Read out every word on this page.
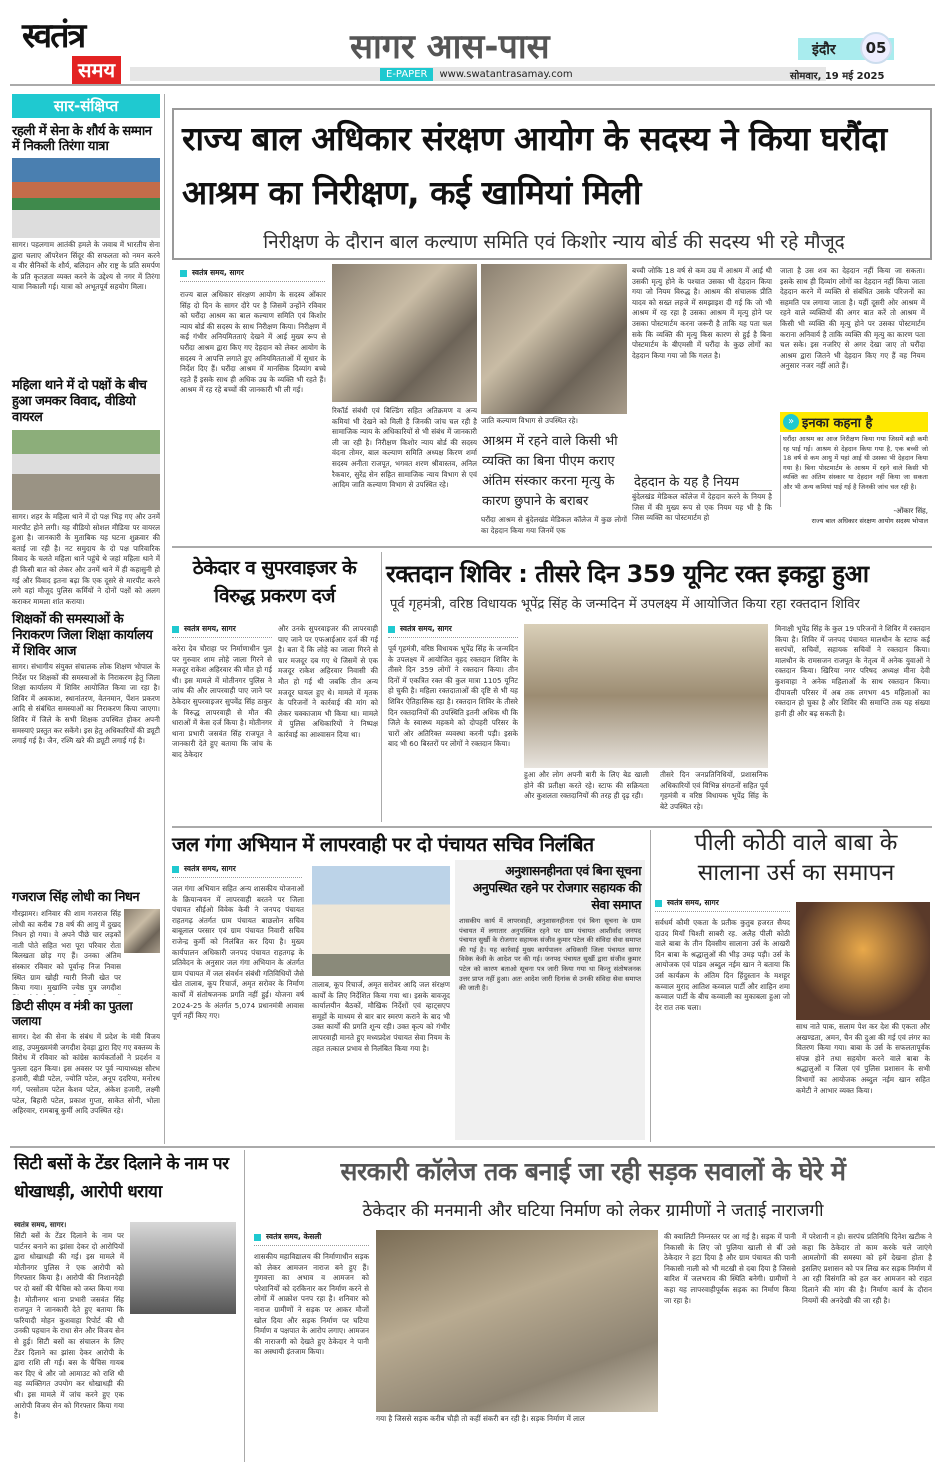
स्वतंत्र
समय
सागर आस-पास
E-PAPER	www.swatantrasamay.com
इंदौर	05
सोमवार, 19 मई 2025
सार-संक्षिप्त
रहली में सेना के शौर्य के सम्मान में निकली तिरंगा यात्रा
सागर। पहलगाम आतंकी हमले के जवाब में भारतीय सेना द्वारा चलाए ऑपरेशन सिंदूर की सफलता को नमन करने व वीर सैनिकों के शौर्य, बलिदान और राष्ट्र के प्रति समर्पण के प्रति कृतज्ञता व्यक्त करने के उद्देश्य से नगर में तिरंगा यात्रा निकाली गई। यात्रा को अभूतपूर्व सहयोग मिला।
महिला थाने में दो पक्षों के बीच हुआ जमकर विवाद, वीडियो वायरल
सागर। शहर के महिला थाने में दो पक्ष भिड़ गए और उनमें मारपीट होने लगी। यह वीडियो सोशल मीडिया पर वायरल हुआ है। जानकारी के मुताबिक यह घटना शुक्रवार की बताई जा रही है। नट समुदाय के दो पक्ष पारिवारिक विवाद के चलते महिला थाने पहुंचे थे जहां महिला थाने में ही किसी बात को लेकर और उनमें थाने में ही कहासुनी हो गई और विवाद इतना बढ़ा कि एक दूसरे से मारपीट करने लगे वहां मौजूद पुलिस कर्मियों ने दोनों पक्षों को अलग कराकर मामला शांत कराया।
शिक्षकों की समस्याओं के निराकरण जिला शिक्षा कार्यालय में शिविर आज
सागर। संभागीय संयुक्त संचालक लोक शिक्षण भोपाल के निर्देश पर शिक्षकों की समस्याओं के निराकरण हेतु जिला शिक्षा कार्यालय में शिविर आयोजित किया जा रहा है। शिविर में अवकाश, स्थानांतरण, वेतनमान, पेंशन प्रकरण आदि से संबंधित समस्याओं का निराकरण किया जाएगा। शिविर में जिले के सभी शिक्षक उपस्थित होकर अपनी समस्याएं प्रस्तुत कर सकेंगे। इस हेतु अधिकारियों की ड्यूटी लगाई गई है। जैन, रश्मि खरे की ड्यूटी लगाई गई है।
गजराज सिंह लोधी का निधन
गौरझामर। शनिवार की शाम गजराज सिंह लोधी का करीब 78 वर्ष की आयु में दुखद निधन हो गया। वे अपने पीछे चार लड़कों नाती पोते सहित भरा पूरा परिवार रोता बिलखता छोड़ गए हैं। उनका अंतिम संस्कार रविवार को पूर्वान्ह निज निवास स्थित ग्राम खोही ग्यारी निजी खेत पर किया गया। मुखाग्नि ज्येष्ठ पुत्र जगदीश
डिप्टी सीएम व मंत्री का पुतला जलाया
सागर। देश की सेना के संबंध में प्रदेश के मंत्री विजय शाह, उपमुख्यमंत्री जगदीश देवड़ा द्वारा दिए गए वक्तव्य के विरोध में रविवार को कांग्रेस कार्यकर्ताओं ने प्रदर्शन व पुतला दहन किया। इस अवसर पर पूर्व न्यायाध्यक्ष सौरभ हजारी, बीडी पटेल, ज्योति पटेल, अनूप ददरिया, मनोरथ गर्ग, परसोतम पटेल केशव पटेल, अंकेश हजारी, लक्ष्मी पटेल, बिहारी पटेल, प्रकाश गुप्ता, साकेत सोनी, भोला अहिरवार, रामबाबू कुर्मी आदि उपस्थित रहे।
राज्य बाल अधिकार संरक्षण आयोग के सदस्य ने किया घरौंदा आश्रम का निरीक्षण, कई खामियां मिली
निरीक्षण के दौरान बाल कल्याण समिति एवं किशोर न्याय बोर्ड की सदस्य भी रहे मौजूद
स्वतंत्र समय, सागर
राज्य बाल अधिकार संरक्षण आयोग के सदस्य ओंकार सिंह दो दिन के सागर दौरे पर है जिसमें उन्होंने रविवार को घरौंदा आश्रम का बाल कल्याण समिति एवं किशोर न्याय बोर्ड की सदस्य के साथ निरीक्षण किया। निरीक्षण में कई गंभीर अनियमितताएं देखने में आई मुख्य रूप से घरौंदा आश्रम द्वारा किए गए देहदान को लेकर आयोग के सदस्य ने आपत्ति लगाते हुए अनियमितताओं में सुधार के निर्देश दिए हैं। घरौंदा आश्रम में मानसिक दिव्यांग बच्चे रहते हैं इसके साथ ही अधिक उम्र के व्यक्ति भी रहते हैं। आश्रम में रह रहे बच्चों की जानकारी भी ली गई।
रिकॉर्ड संबंधी एवं बिल्डिंग सहित अतिक्रमण व अन्य कमियां भी देखने को मिली है जिनकी जांच चल रही है सामाजिक न्याय के अधिकारियों से भी संबंध में जानकारी ली जा रही है। निरीक्षण किशोर न्याय बोर्ड की सदस्य वंदना तोमर, बाल कल्याण समिति अध्यक्ष किरण शर्मा सदस्य अनीता राजपूत, भगवत शरण श्रीवास्तव, अनिल रैकवार, सुरेंद्र सेन सहित सामाजिक न्याय विभाग से एवं आदिम जाति कल्याण विभाग से उपस्थित रहे।
जाति कल्याण विभाग से उपस्थित रहे।
आश्रम में रहने वाले किसी भी व्यक्ति का बिना पीएम कराए अंतिम संस्कार करना मृत्यु के कारण छुपाने के बराबर
घरौंदा आश्रम से बुंदेलखंड मेडिकल कॉलेज में कुछ लोगों का देहदान किया गया जिनमें एक
बच्ची जोकि 18 वर्ष से कम उम्र में आश्रम में आई थी उसकी मृत्यु होने के पश्चात उसका भी देहदान किया गया जो नियम विरुद्ध है। आश्रम की संचालक प्रीति यादव को सख्त लहजे में समझाइश दी गई कि जो भी आश्रम में रह रहा है उसका आश्रम में मृत्यु होने पर उसका पोस्टमार्टम करना जरूरी है ताकि यह पता चल सके कि व्यक्ति की मृत्यु किस कारण से हुई है बिना पोस्टमार्टम के बीएमसी में घरौंदा के कुछ लोगों का देहदान किया गया जो कि गलत है।
देहदान के यह है नियम
बुंदेलखंड मेडिकल कॉलेज में देहदान करने के नियम है जिस में की मुख्य रूप से एक नियम यह भी है कि जिस व्यक्ति का पोस्टमार्टम हो
जाता है उस शव का देहदान नहीं किया जा सकता। इसके साथ ही दिव्यांग लोगों का देहदान नहीं किया जाता देहदान करने में व्यक्ति से संबंधित उसके परिजनों का सहमति पत्र लगाया जाता है। यहीं दूसरी ओर आश्रम में रहने वाले व्यक्तियों की अगर बात करें तो आश्रम में किसी भी व्यक्ति की मृत्यु होने पर उसका पोस्टमार्टम कराना अनिवार्य है ताकि व्यक्ति की मृत्यु का कारण पता चल सके। इस नजरिए से अगर देखा जाए तो घरौंदा आश्रम द्वारा जितने भी देहदान किए गए हैं वह नियम अनुसार नजर नहीं आते हैं।
» इनका कहना है
घरौंदा आश्रम का आज निरीक्षण किया गया जिसमें बड़ी कमी रह पाई गई। आश्रम से देहदान किया गया है, एक बच्ची जो 18 वर्ष से कम आयु में यहां आई थी उसका भी देहदान किया गया है। बिना पोस्टमार्टम के आश्रम में रहने वाले किसी भी व्यक्ति का अंतिम संस्कार या देहदान नहीं किया जा सकता और भी अन्य कमियां पाई गई है जिनकी जांच चल रही है।
-ओंकार सिंह,
राज्य बाल अधिकार संरक्षण आयोग सदस्य भोपाल
ठेकेदार व सुपरवाइजर के विरुद्ध प्रकरण दर्ज
स्वतंत्र समय, सागर
करेरा देव चौराहा पर निर्माणाधीन पुल पर गुरुवार शाम लोहे जाला गिरने से मजदूर राकेश अहिरवार की मौत हो गई थी। इस मामले में मोतीनगर पुलिस ने जांच की और लापरवाही पाए जाने पर ठेकेदार सुपरवाइजर सुपवेंद्र सिंह ठाकुर के विरुद्ध लापरवाही से मौत की धाराओं में केस दर्ज किया है। मोतीनगर थाना प्रभारी जसवंत सिंह राजपूत ने जानकारी देते हुए बताया कि जांच के बाद ठेकेदार
और उनके सुपरवाइजर की लापरवाही पाए जाने पर एफआईआर दर्ज की गई है। बता दें कि लोहे का जाला गिरने से चार मजदूर दब गए थे जिसमें से एक मजदूर राकेश अहिरवार निवासी की मौत हो गई थी जबकि तीन अन्य मजदूर घायल हुए थे। मामले में मृतक के परिजनों ने कार्रवाई की मांग को लेकर चक्काजाम भी किया था। मामले में पुलिस अधिकारियों ने निष्पक्ष कार्रवाई का आश्वासन दिया था।
रक्तदान शिविर : तीसरे दिन 359 यूनिट रक्त इकट्ठा हुआ
पूर्व गृहमंत्री, वरिष्ठ विधायक भूपेंद्र सिंह के जन्मदिन में उपलक्ष्य में आयोजित किया रहा रक्तदान शिविर
स्वतंत्र समय, सागर
पूर्व गृहमंत्री, वरिष्ठ विधायक भूपेंद्र सिंह के जन्मदिन के उपलक्ष्य में आयोजित वृहद रक्तदान शिविर के तीसरे दिन 359 लोगों ने रक्तदान किया। तीन दिनों में एकत्रित रक्त की कुल मात्रा 1105 यूनिट हो चुकी है। महिला रक्तदाताओं की दृष्टि से भी यह शिविर ऐतिहासिक रहा है। रक्तदान शिविर के तीसरे दिन रक्तदानियों की उपस्थिति इतनी अधिक थी कि जिले के स्वास्थ्य महकमे को दोपहरी परिसर के चारों ओर अतिरिक्त व्यवस्था करनी पड़ी। इसके बाद भी 60 बिस्तरों पर लोगों ने रक्तदान किया।
हुआ और लोग अपनी बारी के लिए बेड खाली होने की प्रतीक्षा करते रहे। स्टाफ की सक्रियता और कुशलता रक्तदानियों की तरह ही दृढ़ रही।
तीसरे दिन जनप्रतिनिधियों, प्रशासनिक अधिकारियों एवं विभिन्न संगठनों सहित पूर्व गृहमंत्री व वरिष्ठ विधायक भूपेंद्र सिंह के बेटे उपस्थित रहे।
मिनाक्षी भूपेंद्र सिंह के कुल 19 परिजनों ने शिविर में रक्तदान किया है। शिविर में जनपद पंचायत मालथौन के स्टाफ कई सरपंचों, सचिवों, सहायक सचिवों ने रक्तदान किया। मालथौन के रामसजन राजपूत के नेतृत्व में अनेक युवाओं ने रक्तदान किया। खिरिया नगर परिषद अध्यक्ष मीना देवी कुशवाहा ने अनेक महिलाओं के साथ रक्तदान किया। दीपावली परिसर में अब तक लगभग 45 महिलाओं का रक्तदान हो चुका है और शिविर की समाप्ति तक यह संख्या हानी ही और बढ़ सकती है।
जल गंगा अभियान में लापरवाही पर दो पंचायत सचिव निलंबित
स्वतंत्र समय, सागर
जल गंगा अभियान सहित अन्य शासकीय योजनाओं के क्रियान्वयन में लापरवाही बरतने पर जिला पंचायत सीईओ विवेक केवी ने जनपद पंचायत राहतगढ़ अंतर्गत ग्राम पंचायत बाछलोन सचिव बाबूलाल परसार एवं ग्राम पंचायत निवारी सचिव राजेन्द्र कुर्मी को निलंबित कर दिया है। मुख्य कार्यपालन अधिकारी जनपद पंचायत राहतगढ़ के प्रतिवेदन के अनुसार जल गंगा अभियान के अंतर्गत ग्राम पंचायत में जल संवर्धन संबंधी गतिविधियों जैसे खेत तालाब, कूप रिचार्ज, अमृत सरोवर के निर्माण कार्यों में संतोषजनक प्रगति नहीं हुई। योजना वर्ष 2024-25 के अंतर्गत 5,074 प्रधानमंत्री आवास पूर्ण नहीं किए गए।
तालाब, कूप रिचार्ज, अमृत सरोवर आदि जल संरक्षण कार्यों के लिए निर्देशित किया गया था। इसके बावजूद कार्यालयीन बैठकों, मौखिक निर्देशों एवं व्हाट्सएप समूहों के माध्यम से बार बार स्मरण कराने के बाद भी उक्त कार्यों की प्रगति शून्य रही। उक्त कृत्य को गंभीर लापरवाही मानते हुए मध्यप्रदेश पंचायत सेवा नियम के तहत तत्काल प्रभाव से निलंबित किया गया है।
अनुशासनहीनता एवं बिना सूचना अनुपस्थित रहने पर रोजगार सहायक की सेवा समाप्त
शासकीय कार्य में लापरवाही, अनुशासनहीनता एवं बिना सूचना के ग्राम पंचायत में लगातार अनुपस्थित रहने पर ग्राम पंचायत आशीर्वाद जनपद पंचायत सुर्खी के रोजगार सहायक संजीव कुमार पटेल की संविदा सेवा समाप्त की गई है। यह कार्रवाई मुख्य कार्यपालन अधिकारी जिला पंचायत सागर विवेक केवी के आदेश पर की गई। जनपद पंचायत सुर्खी द्वारा संजीव कुमार पटेल को कारण बताओ सूचना पत्र जारी किया गया था किन्तु संतोषजनक उत्तर प्राप्त नहीं हुआ। अतः आदेश जारी दिनांक से उनकी संविदा सेवा समाप्त की जाती है।
पीली कोठी वाले बाबा के सालाना उर्स का समापन
स्वतंत्र समय, सागर
सर्वधर्म कौमी एकता के प्रतीक कुतुब हजरत सैयद दाउद मियाँ चिश्ती साबरी रह. अलैह पीली कोठी वाले बाबा के तीन दिवसीय सालाना उर्स के आखरी दिन बाबा के श्रद्धालुओं की भीड़ उमड़ पड़ी। उर्स के आयोजक एवं पांडव अब्दुल नईम खान ने बताया कि उर्स कार्यक्रम के अंतिम दिन हिंदुस्तान के मशहूर कव्वाल मुराद आतिश कव्वाल पार्टी और शाहिन शमा कव्वाल पार्टी के बीच कव्वाली का मुकाबला हुआ जो देर रात तक चला।
साथ नाते पाक, सलाम पेश कर देश की एकता और अखण्डता, अमन, चैन की दुआ की गई एवं लंगर का वितरण किया गया। बाबा के उर्स के सफलतापूर्वक संपन्न होने तथा सहयोग करने वाले बाबा के श्रद्धालुओं व जिला एवं पुलिस प्रशासन के सभी विभागों का आयोजक अब्दुल नईम खान सहित कमेटी ने आभार व्यक्त किया।
सिटी बसों के टेंडर दिलाने के नाम पर धोखाधड़ी, आरोपी धराया
स्वतंत्र समय, सागर।
सिटी बसें के टेंडर दिलाने के नाम पर पार्टनर बनाने का झांसा देकर दो आरोपियों द्वारा धोखाधड़ी की गई। इस मामले में मोतीनगर पुलिस ने एक आरोपी को गिरफ्तार किया है। आरोपी की निशानदेही पर दो बसों की चैचिस को जब्त किया गया है। मोतीनगर थाना प्रभारी जसवंत सिंह राजपूत ने जानकारी देते हुए बताया कि फरियादी मोहन कुशवाहा रिपोर्ट की थी उनकी पहचान के राधा सेन और विजय सेन से हुई। सिटी बसों का संचालन के लिए टेंडर दिलाने का झांसा देकर आरोपी के द्वारा राशि ली गई। बस के चैचिस गायब कर दिए थे और जो आमाउट को राशि थी वह व्यक्तिगत उपयोग कर धोखाधड़ी की थी। इस मामले में जांच करने हुए एक आरोपी विजय सेन को गिरफ्तार किया गया है।
सरकारी कॉलेज तक बनाई जा रही सड़क सवालों के घेरे में
ठेकेदार की मनमानी और घटिया निर्माण को लेकर ग्रामीणों ने जताई नाराजगी
स्वतंत्र समय, केसली
शासकीय महाविद्यालय की निर्माणाधीन सड़क को लेकर आमजन नाराज बने हुए हैं। गुणवत्ता का अभाव व आमजन को परेशानियों को दरकिनार कर निर्माण करने से लोगों में आक्रोश पनप रहा है। शनिवार को नाराज ग्रामीणों ने सड़क पर आकर मौजों खोल दिया और सड़क निर्माण पर घटिया निर्माण व पक्षपात के आरोप लगाए। आमजन की नाराजगी को देखते हुए ठेकेदार ने पानी का अस्थायी इंतजाम किया।
गया है जिससे सड़क करीब चौड़ी तो कहीं संकरी बन रही है। सड़क निर्माण में लाल
की क्वालिटी निम्नस्तर पर आ गई है। सड़क में पानी निकासी के लिए जो पुलिया खाली से बीं उसे ठेकेदार ने हटा दिया है और ग्राम पंचायत की पानी निकासी नाली को भी मटखी से दबा दिया है जिससे बारिश में जलभराव की स्थिति बनेगी। ग्रामीणों ने कहा यह लापरवाहीपूर्वक सड़क का निर्माण किया जा रहा है।
में परेशानी न हो। सरपंच प्रतिनिधि दिनेश खटीक ने कहा कि ठेकेदार तो काम करके चले जाएंगे आमलोगों की समस्या को हमें देखना होता है इसलिए प्रशासन को पत्र लिख कर सड़क निर्माण में आ रही विसंगति को हल कर आमजन को राहत दिलाने की मांग की है। निर्माण कार्य के दौरान नियमों की अनदेखी की जा रही है।
